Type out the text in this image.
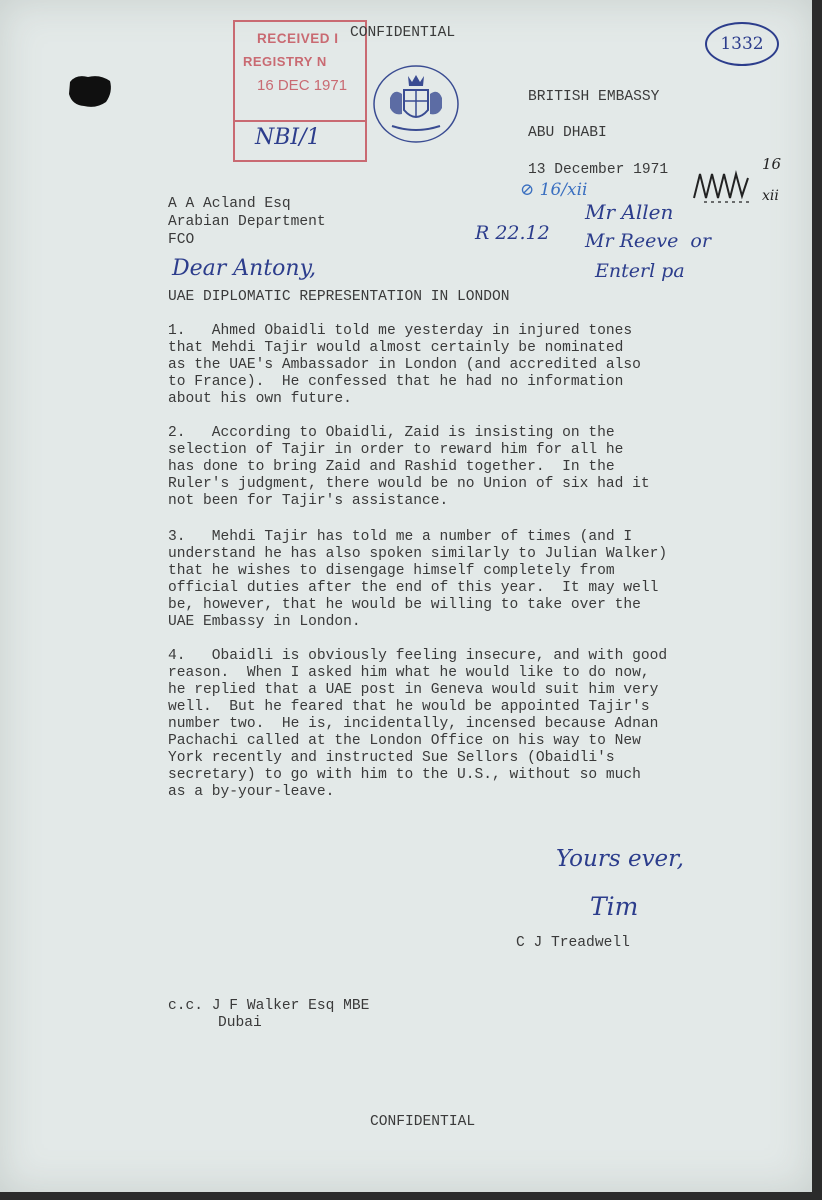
RECEIVED I
REGISTRY N
16 DEC 1971
NBI/1
CONFIDENTIAL
1332
BRITISH EMBASSY
ABU DHABI
13 December 1971	16
xii
⊘ 16/xii
Mr Allen
R 22.12 Mr Reeve  or
Enterl pa
A A Acland Esq
Arabian Department
FCO
Dear Antony,
UAE DIPLOMATIC REPRESENTATION IN LONDON
1.   Ahmed Obaidli told me yesterday in injured tones
that Mehdi Tajir would almost certainly be nominated
as the UAE's Ambassador in London (and accredited also
to France).  He confessed that he had no information
about his own future.
2.   According to Obaidli, Zaid is insisting on the
selection of Tajir in order to reward him for all he
has done to bring Zaid and Rashid together.  In the
Ruler's judgment, there would be no Union of six had it
not been for Tajir's assistance.
3.   Mehdi Tajir has told me a number of times (and I
understand he has also spoken similarly to Julian Walker)
that he wishes to disengage himself completely from
official duties after the end of this year.  It may well
be, however, that he would be willing to take over the
UAE Embassy in London.
4.   Obaidli is obviously feeling insecure, and with good
reason.  When I asked him what he would like to do now,
he replied that a UAE post in Geneva would suit him very
well.  But he feared that he would be appointed Tajir's
number two.  He is, incidentally, incensed because Adnan
Pachachi called at the London Office on his way to New
York recently and instructed Sue Sellors (Obaidli's
secretary) to go with him to the U.S., without so much
as a by-your-leave.
Yours ever,
Tim
C J Treadwell
c.c. J F Walker Esq MBE
Dubai
CONFIDENTIAL
